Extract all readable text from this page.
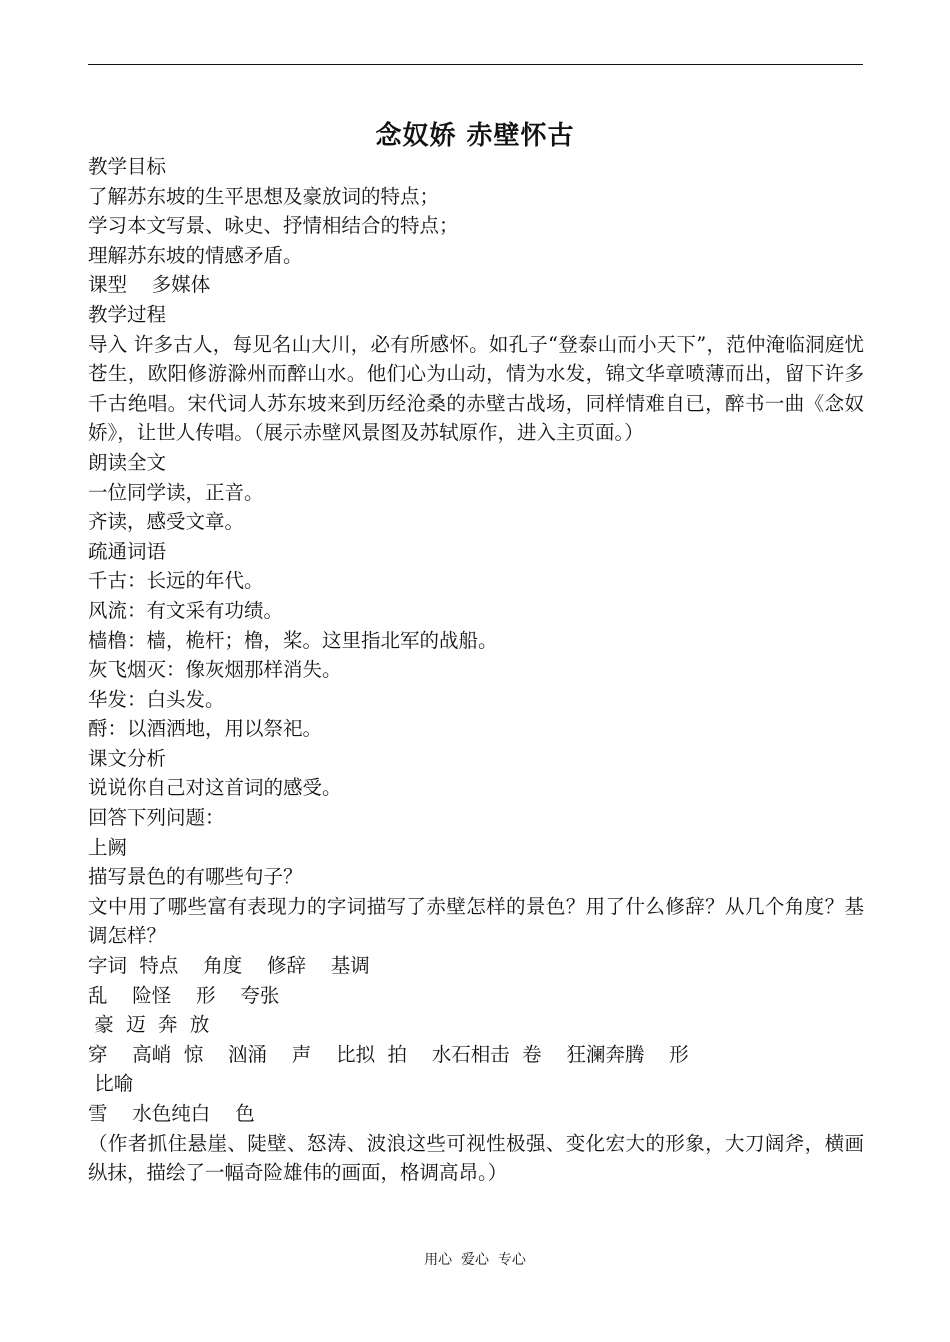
念奴娇 赤壁怀古
教学目标
了解苏东坡的生平思想及豪放词的特点；
学习本文写景、咏史、抒情相结合的特点；
理解苏东坡的情感矛盾。
课型    多媒体
教学过程
导入 许多古人，每见名山大川，必有所感怀。如孔子“登泰山而小天下”，范仲淹临洞庭忧苍生，欧阳修游滁州而醉山水。他们心为山动，情为水发，锦文华章喷薄而出，留下许多千古绝唱。宋代词人苏东坡来到历经沧桑的赤壁古战场，同样情难自已，醉书一曲《念奴娇》，让世人传唱。（展示赤壁风景图及苏轼原作，进入主页面。）
朗读全文
一位同学读，正音。
齐读，感受文章。
疏通词语
千古：长远的年代。
风流：有文采有功绩。
樯橹：樯，桅杆；橹，桨。这里指北军的战船。
灰飞烟灭：像灰烟那样消失。
华发：白头发。
酹：以酒洒地，用以祭祀。
课文分析
说说你自己对这首词的感受。
回答下列问题：
上阙
描写景色的有哪些句子？
文中用了哪些富有表现力的字词描写了赤壁怎样的景色？用了什么修辞？从几个角度？基调怎样？
字词  特点    角度    修辞    基调
乱    险怪    形    夸张
豪  迈  奔  放
穿    高峭  惊    汹涌    声    比拟  拍    水石相击  卷    狂澜奔腾    形
比喻
雪    水色纯白    色
（作者抓住悬崖、陡壁、怒涛、波浪这些可视性极强、变化宏大的形象，大刀阔斧，横画纵抹，描绘了一幅奇险雄伟的画面，格调高昂。）
用心  爱心  专心
